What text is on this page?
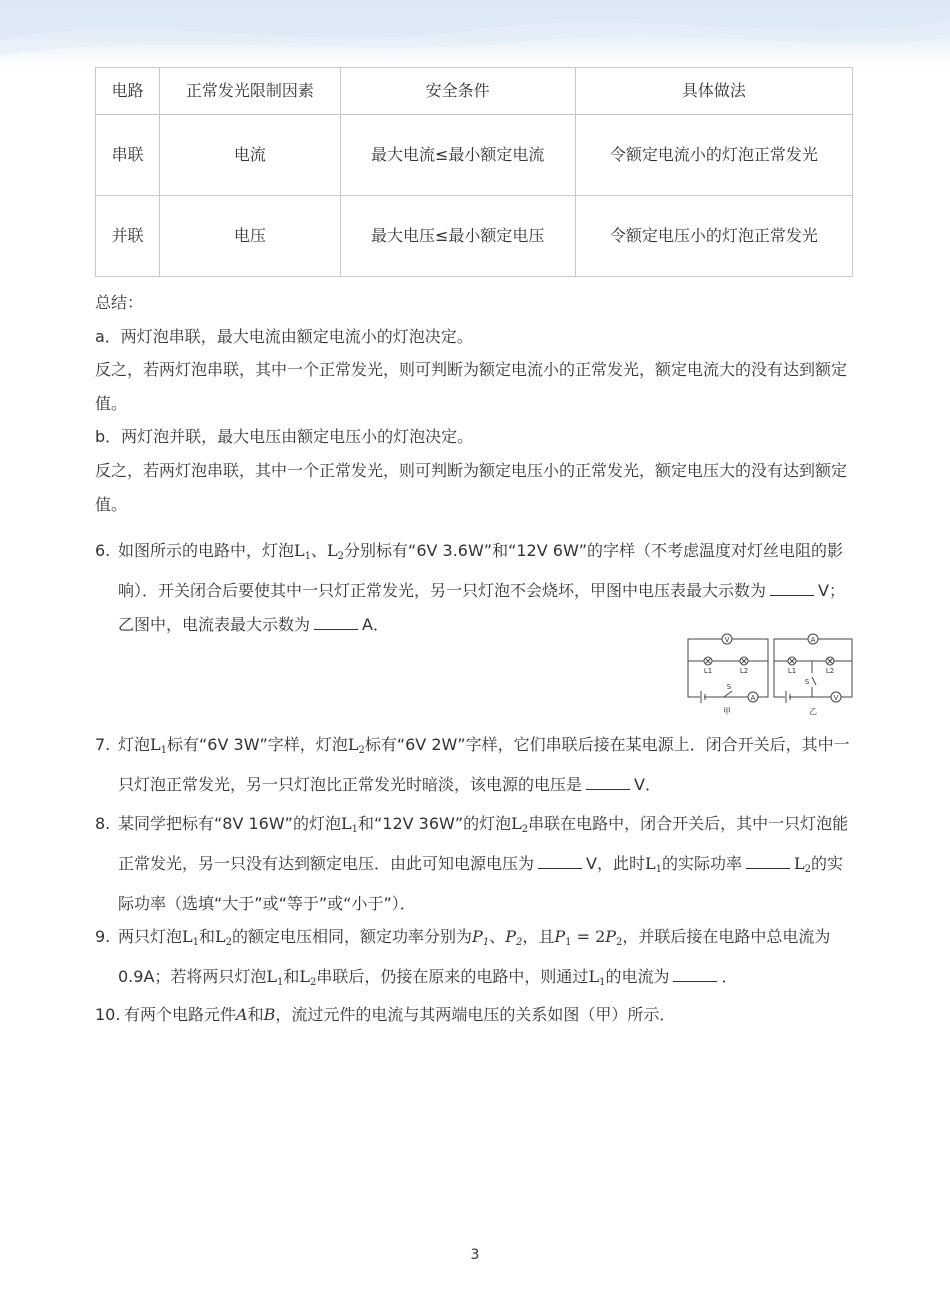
电路	正常发光限制因素	安全条件	具体做法
串联	电流	最大电流≤最小额定电流	令额定电流小的灯泡正常发光
并联	电压	最大电压≤最小额定电压	令额定电压小的灯泡正常发光
总结：
a．两灯泡串联，最大电流由额定电流小的灯泡决定。
反之，若两灯泡串联，其中一个正常发光，则可判断为额定电流小的正常发光，额定电流大的没有达到额定值。
b．两灯泡并联，最大电压由额定电压小的灯泡决定。
反之，若两灯泡串联，其中一个正常发光，则可判断为额定电压小的正常发光，额定电压大的没有达到额定值。
6. 如图所示的电路中，灯泡$L_1$、$L_2$分别标有“6V 3.6W”和“12V 6W”的字样（不考虑温度对灯丝电阻的影响）．开关闭合后要使其中一只灯正常发光，另一只灯泡不会烧坏，甲图中电压表最大示数为	V；乙图中，电流表最大示数为	A．
V
A
S
L1	L2
A
V
S
L1	L2
甲	乙
7. 灯泡$L_1$标有“6V 3W”字样，灯泡$L_2$标有“6V 2W”字样，它们串联后接在某电源上．闭合开关后，其中一只灯泡正常发光，另一只灯泡比正常发光时暗淡，该电源的电压是	V．
8. 某同学把标有“8V 16W”的灯泡$L_1$和“12V 36W”的灯泡$L_2$串联在电路中，闭合开关后，其中一只灯泡能正常发光，另一只没有达到额定电压．由此可知电源电压为	V，此时$L_1$的实际功率	$L_2$的实际功率（选填“大于”或“等于”或“小于”）．
9. 两只灯泡$L_1$和$L_2$的额定电压相同，额定功率分别为$P_1$、$P_2$，且$P_1 = 2P_2$，并联后接在电路中总电流为0.9A；若将两只灯泡$L_1$和$L_2$串联后，仍接在原来的电路中，则通过$L_1$的电流为	．
10. 有两个电路元件A和B，流过元件的电流与其两端电压的关系如图（甲）所示．
3
